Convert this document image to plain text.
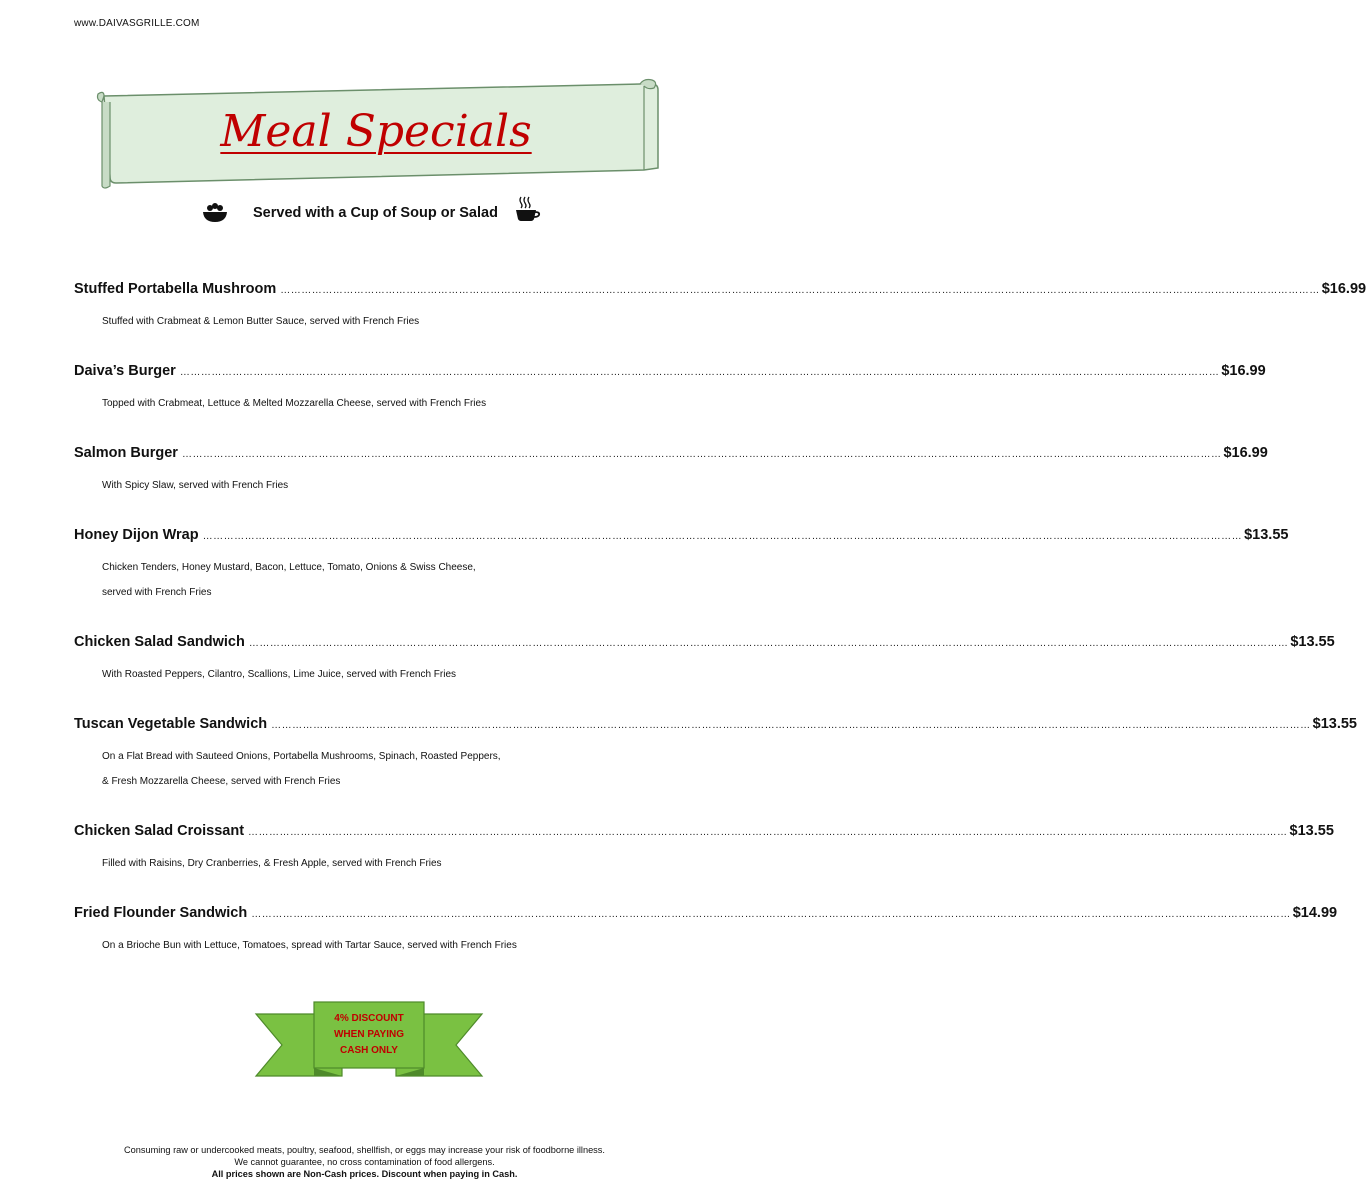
www.DAIVASGRILLE.COM
Meal Specials
Served with a Cup of Soup or Salad
Stuffed Portabella Mushroom ……………………………………………………………………………………………………………………………………………………………………………………………………………………………………………………………………… $16.99
Stuffed with Crabmeat & Lemon Butter Sauce, served with French Fries
Daiva’s Burger ……………………………………………………………………………………………………………………………………………………………………………………………………………………………………………………………………… $16.99
Topped with Crabmeat, Lettuce & Melted Mozzarella Cheese, served with French Fries
Salmon Burger ……………………………………………………………………………………………………………………………………………………………………………………………………………………………………………………………………… $16.99
With Spicy Slaw, served with French Fries
Honey Dijon Wrap ……………………………………………………………………………………………………………………………………………………………………………………………………………………………………………………………………… $13.55
Chicken Tenders, Honey Mustard, Bacon, Lettuce, Tomato, Onions & Swiss Cheese,
served with French Fries
Chicken Salad Sandwich ……………………………………………………………………………………………………………………………………………………………………………………………………………………………………………………………………… $13.55
With Roasted Peppers, Cilantro, Scallions, Lime Juice, served with French Fries
Tuscan Vegetable Sandwich ……………………………………………………………………………………………………………………………………………………………………………………………………………………………………………………………………… $13.55
On a Flat Bread with Sauteed Onions, Portabella Mushrooms, Spinach, Roasted Peppers,
& Fresh Mozzarella Cheese, served with French Fries
Chicken Salad Croissant ……………………………………………………………………………………………………………………………………………………………………………………………………………………………………………………………………… $13.55
Filled with Raisins, Dry Cranberries, & Fresh Apple, served with French Fries
Fried Flounder Sandwich ……………………………………………………………………………………………………………………………………………………………………………………………………………………………………………………………………… $14.99
On a Brioche Bun with Lettuce, Tomatoes, spread with Tartar Sauce, served with French Fries
4% DISCOUNT
WHEN PAYING
CASH ONLY
Consuming raw or undercooked meats, poultry, seafood, shellfish, or eggs may increase your risk of foodborne illness.
We cannot guarantee, no cross contamination of food allergens.
All prices shown are Non-Cash prices. Discount when paying in Cash.
